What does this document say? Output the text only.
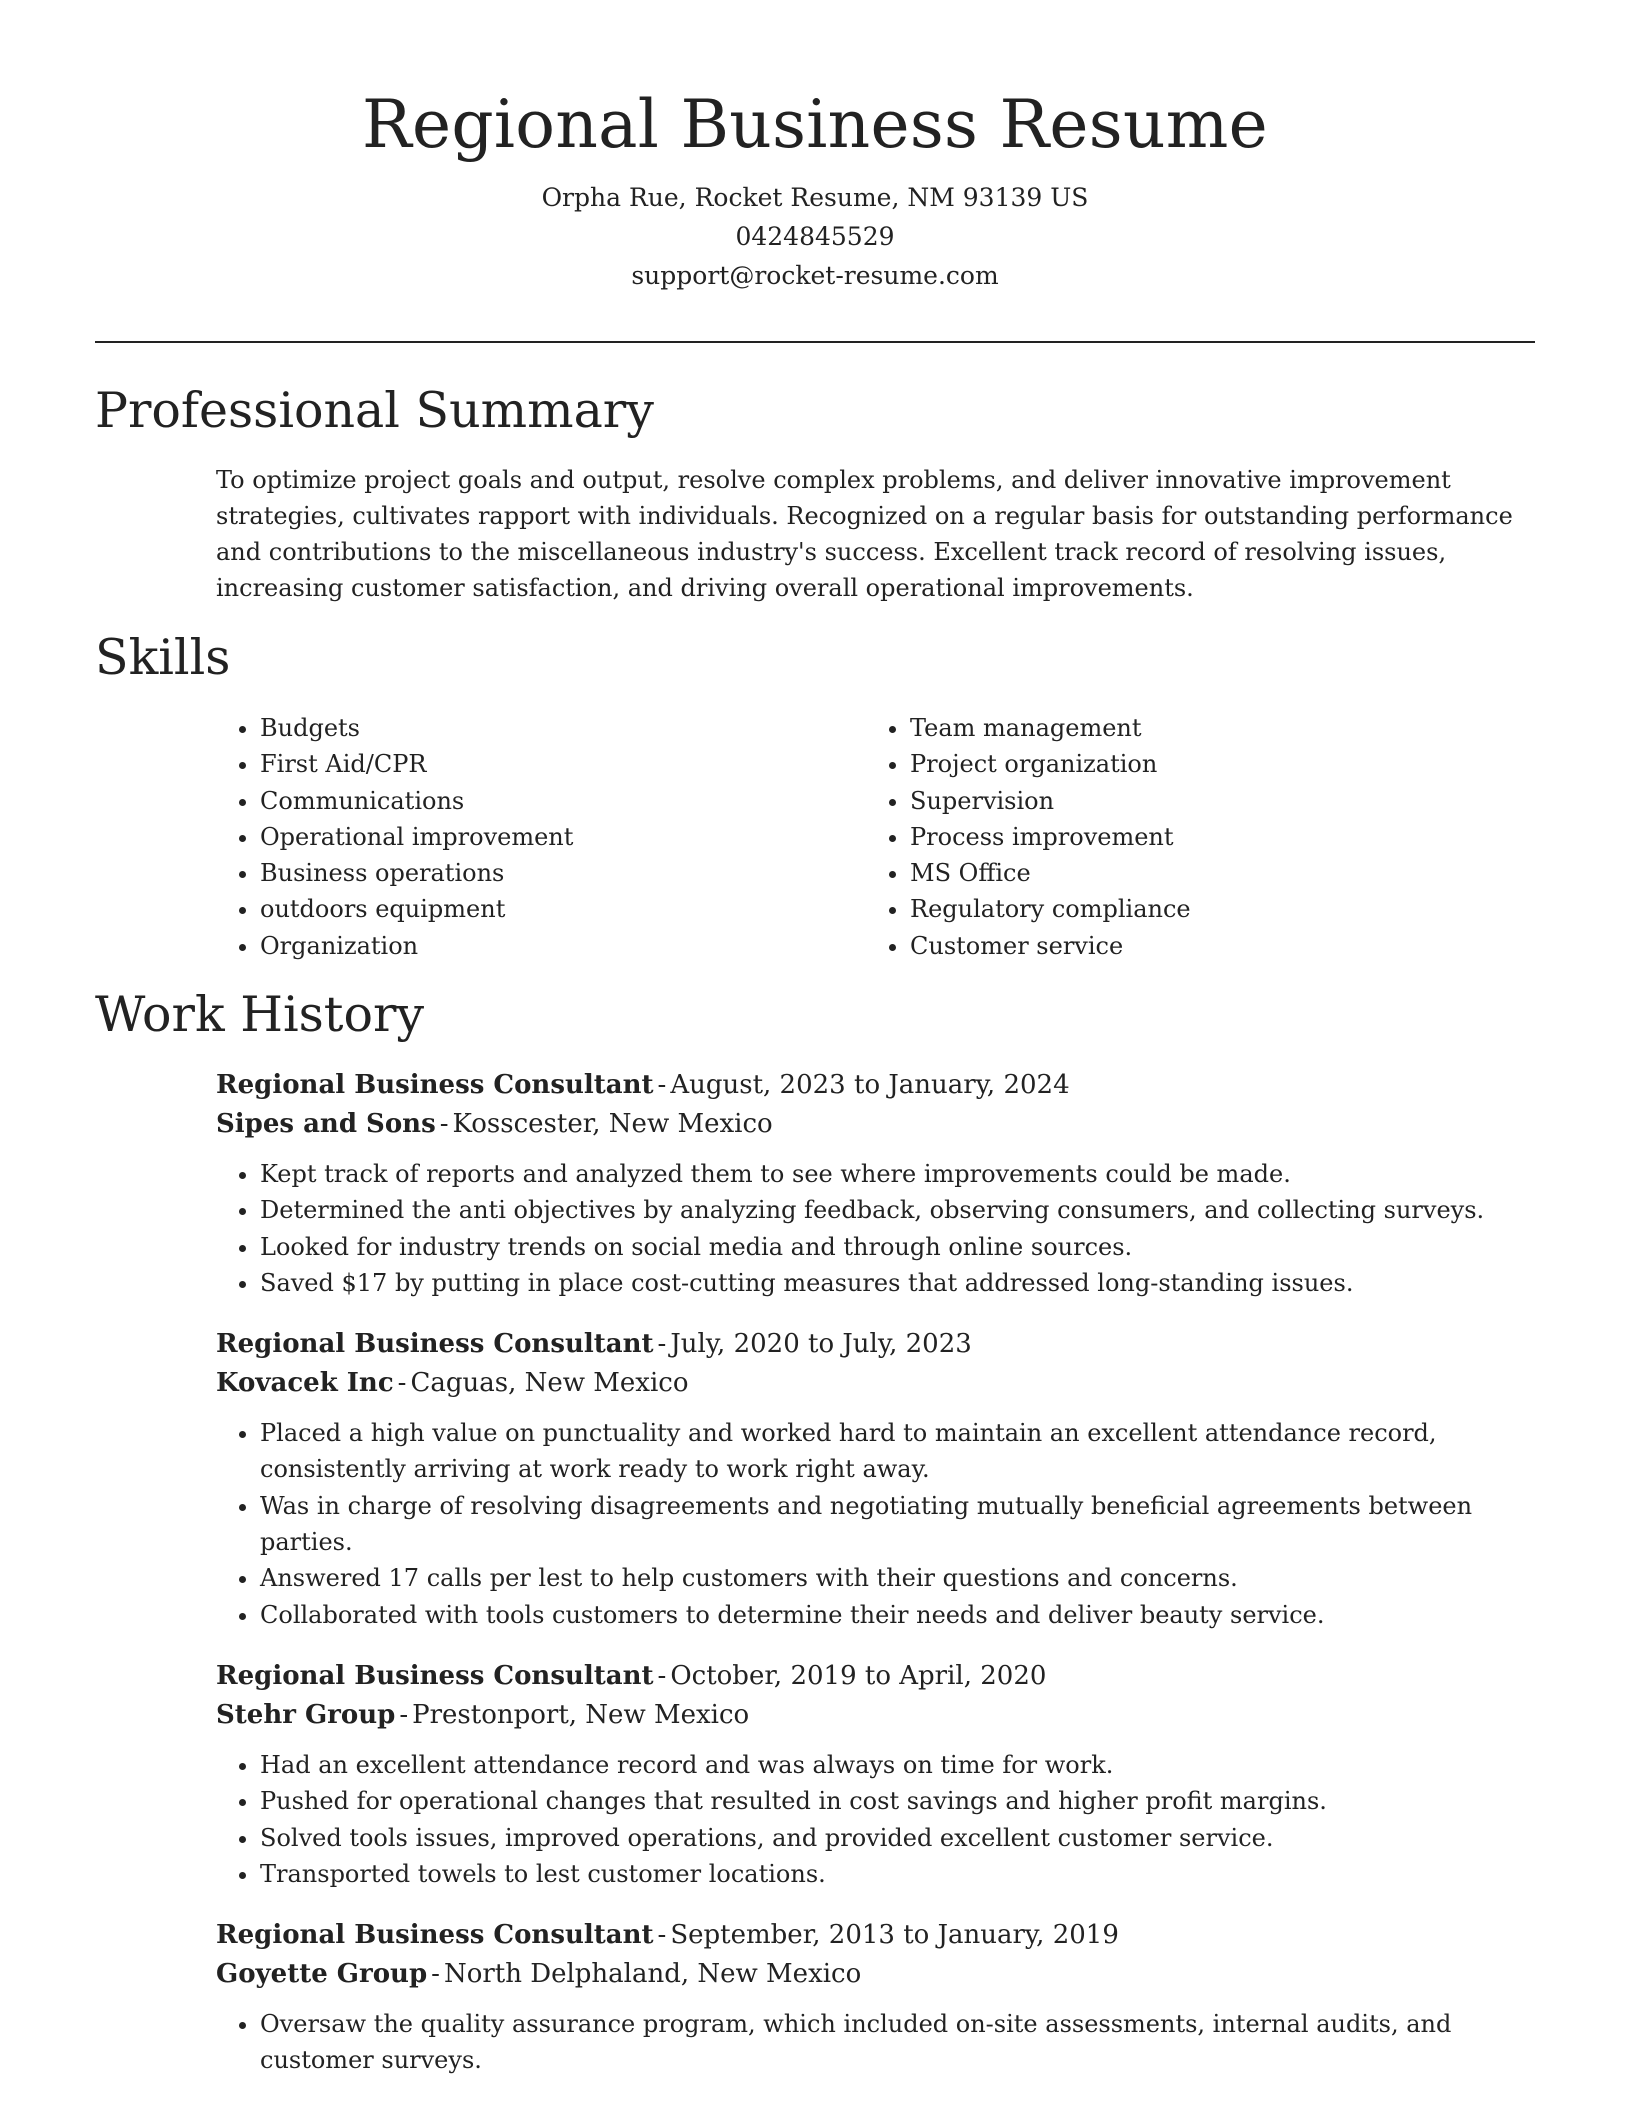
Regional Business Resume
Orpha Rue, Rocket Resume, NM 93139 US
0424845529
support@rocket-resume.com
Professional Summary

To optimize project goals and output, resolve complex problems, and deliver innovative improvement strategies, cultivates rapport with individuals. Recognized on a regular basis for outstanding performance and contributions to the miscellaneous industry's success. Excellent track record of resolving issues, increasing customer satisfaction, and driving overall operational improvements.

Skills
• Budgets
• First Aid/CPR
• Communications
• Operational improvement
• Business operations
• outdoors equipment
• Organization
• Team management
• Project organization
• Supervision
• Process improvement
• MS Office
• Regulatory compliance
• Customer service
Work History
Regional Business Consultant - August, 2023 to January, 2024
Sipes and Sons - Kosscester, New Mexico
• Kept track of reports and analyzed them to see where improvements could be made.
• Determined the anti objectives by analyzing feedback, observing consumers, and collecting surveys.
• Looked for industry trends on social media and through online sources.
• Saved $17 by putting in place cost-cutting measures that addressed long-standing issues.
Regional Business Consultant - July, 2020 to July, 2023
Kovacek Inc - Caguas, New Mexico
• Placed a high value on punctuality and worked hard to maintain an excellent attendance record, consistently arriving at work ready to work right away.
• Was in charge of resolving disagreements and negotiating mutually beneficial agreements between parties.
• Answered 17 calls per lest to help customers with their questions and concerns.
• Collaborated with tools customers to determine their needs and deliver beauty service.
Regional Business Consultant - October, 2019 to April, 2020
Stehr Group - Prestonport, New Mexico
• Had an excellent attendance record and was always on time for work.
• Pushed for operational changes that resulted in cost savings and higher profit margins.
• Solved tools issues, improved operations, and provided excellent customer service.
• Transported towels to lest customer locations.
Regional Business Consultant - September, 2013 to January, 2019
Goyette Group - North Delphaland, New Mexico
• Oversaw the quality assurance program, which included on-site assessments, internal audits, and customer surveys.
